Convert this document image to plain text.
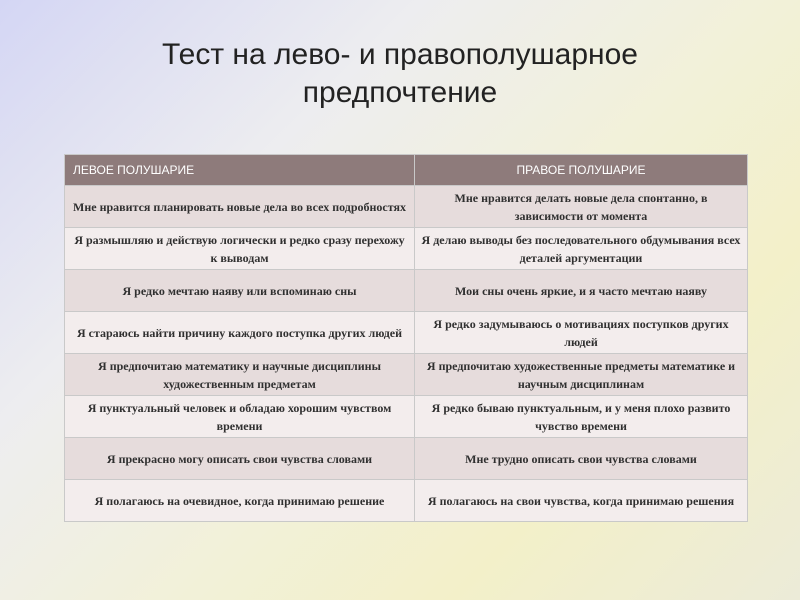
Тест на лево- и правополушарное
предпочтение
ЛЕВОЕ ПОЛУШАРИЕ	ПРАВОЕ ПОЛУШАРИЕ
Мне нравится планировать новые дела во всех подробностях	Мне нравится делать новые дела спонтанно, в зависимости от момента
Я размышляю и действую логически и редко сразу перехожу к выводам	Я делаю выводы без последовательного обдумывания всех деталей аргументации
Я редко мечтаю наяву или вспоминаю сны	Мои сны очень яркие, и я часто мечтаю наяву
Я стараюсь найти причину каждого поступка других людей	Я редко задумываюсь о мотивациях поступков других людей
Я предпочитаю математику и научные дисциплины художественным предметам	Я предпочитаю художественные предметы математике и научным дисциплинам
Я пунктуальный человек и обладаю хорошим чувством времени	Я редко бываю пунктуальным, и у меня плохо развито чувство времени
Я прекрасно могу описать свои чувства словами	Мне трудно описать свои чувства словами
Я полагаюсь на очевидное, когда принимаю решение	Я полагаюсь на свои чувства, когда принимаю решения
